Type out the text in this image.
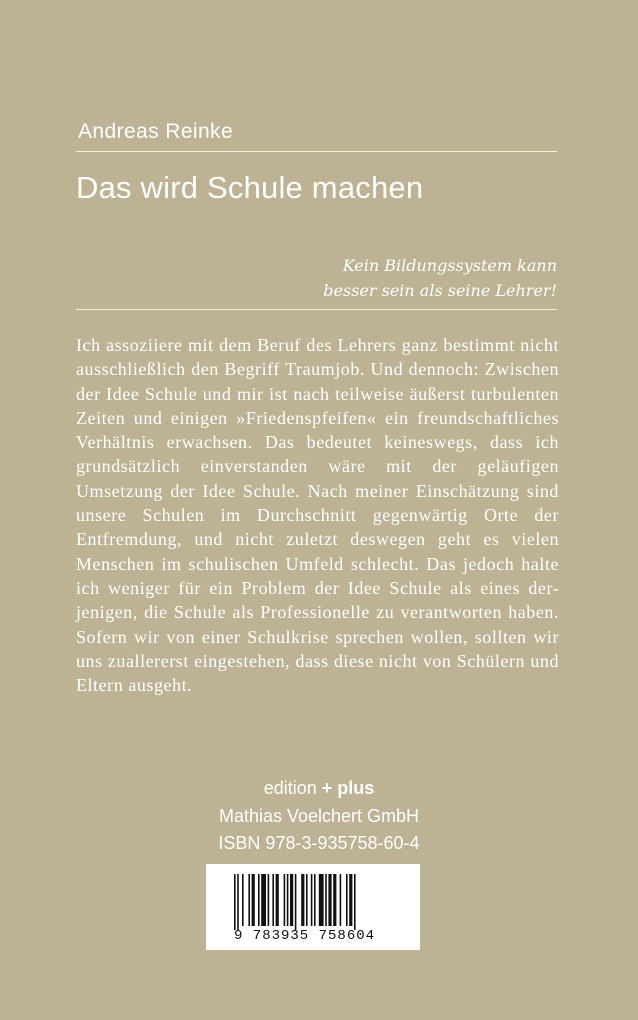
Andreas Reinke
Das wird Schule machen
Kein Bildungssystem kann
besser sein als seine Lehrer!

Ich assoziiere mit dem Beruf des Lehrers ganz bestimmt nicht ausschließlich den Begriff Traumjob. Und dennoch: Zwischen der Idee Schule und mir ist nach teilweise äußerst turbulenten Zeiten und einigen »Friedenspfeifen« ein freundschaftliches Verhältnis erwachsen. Das bedeutet keineswegs, dass ich grundsätzlich einverstanden wäre mit der geläufigen Umsetzung der Idee Schule. Nach meiner Einschätzung sind unsere Schulen im Durchschnitt gegenwärtig Orte der Entfremdung, und nicht zuletzt deswegen geht es vielen Menschen im schulischen Umfeld schlecht. Das jedoch halte ich weniger für ein Problem der Idee Schule als eines derjenigen, die Schule als Professionelle zu verantworten haben. Sofern wir von einer Schulkrise sprechen wollen, sollten wir uns zuallererst eingestehen, dass diese nicht von Schülern und Eltern ausgeht.

edition + plus
Mathias Voelchert GmbH
ISBN 978-3-935758-60-4
9 783935 758604
